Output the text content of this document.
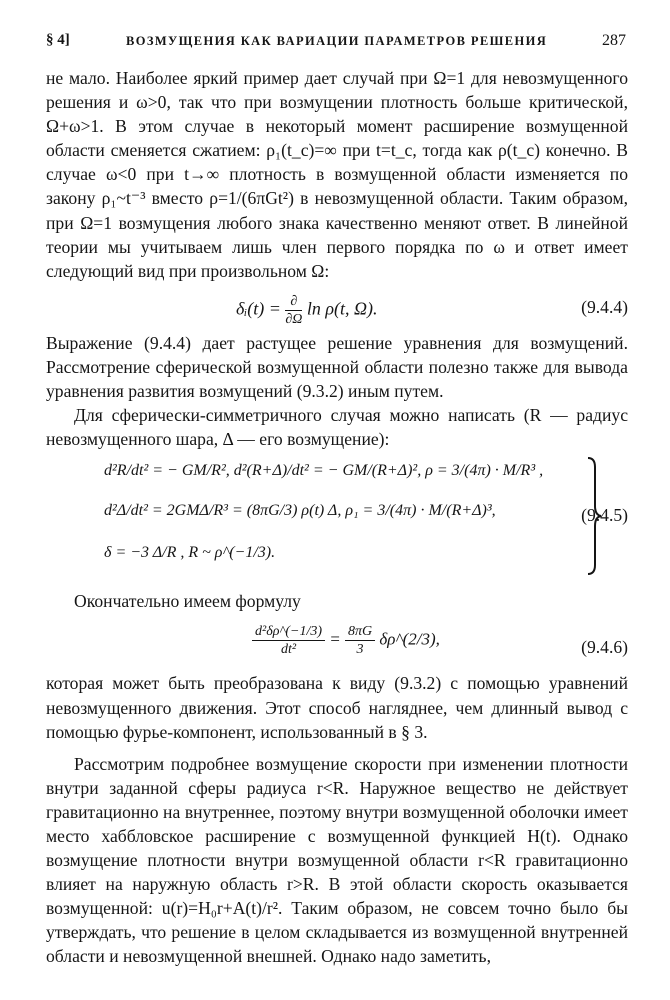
§ 4]	ВОЗМУЩЕНИЯ КАК ВАРИАЦИИ ПАРАМЕТРОВ РЕШЕНИЯ	287

не мало. Наиболее яркий пример дает случай при Ω=1 для невозмущенного решения и ω>0, так что при возмущении плотность больше критической, Ω+ω>1. В этом случае в некоторый момент расширение возмущенной области сменяется сжатием: ρ₁(t_c)=∞ при t=t_c, тогда как ρ(t_c) конечно. В случае ω<0 при t→∞ плотность в возмущенной области изменяется по закону ρ₁~t⁻³ вместо ρ=1/(6πGt²) в невозмущенной области. Таким образом, при Ω=1 возмущения любого знака качественно меняют ответ. В линейной теории мы учитываем лишь член первого порядка по ω и ответ имеет следующий вид при произвольном Ω:

δᵢ(t) = $\frac{\partial}{\partial\Omega}$ ln ρ(t, Ω).	(9.4.4)

Выражение (9.4.4) дает растущее решение уравнения для возмущений. Рассмотрение сферической возмущенной области полезно также для вывода уравнения развития возмущений (9.3.2) иным путем.

Для сферически-симметричного случая можно написать (R — радиус невозмущенного шара, Δ — его возмущение):

d²R/dt² = − GM/R², d²(R+Δ)/dt² = − GM/(R+Δ)², ρ = 3/(4π) · M/R³ ,
d²Δ/dt² = 2GMΔ/R³ = (8πG/3) ρ(t) Δ, ρ₁ = 3/(4π) · M/(R+Δ)³,
δ = −3 Δ/R , R ~ ρ^(−1/3).
(9.4.5)

Окончательно имеем формулу

$\frac{\text{d²δρ\textasciicircum{}(−1/3)}}{\text{dt²}} = \frac{8\pi G}{3}$ δρ^(2/3),	(9.4.6)

которая может быть преобразована к виду (9.3.2) с помощью уравнений невозмущенного движения. Этот способ нагляднее, чем длинный вывод с помощью фурье-компонент, использованный в § 3.

Рассмотрим подробнее возмущение скорости при изменении плотности внутри заданной сферы радиуса r<R. Наружное вещество не действует гравитационно на внутреннее, поэтому внутри возмущенной оболочки имеет место хаббловское расширение с возмущенной функцией H(t). Однако возмущение плотности внутри возмущенной области r<R гравитационно влияет на наружную область r>R. В этой области скорость оказывается возмущенной: u(r)=H₀r+A(t)/r². Таким образом, не совсем точно было бы утверждать, что решение в целом складывается из возмущенной внутренней области и невозмущенной внешней. Однако надо заметить,
